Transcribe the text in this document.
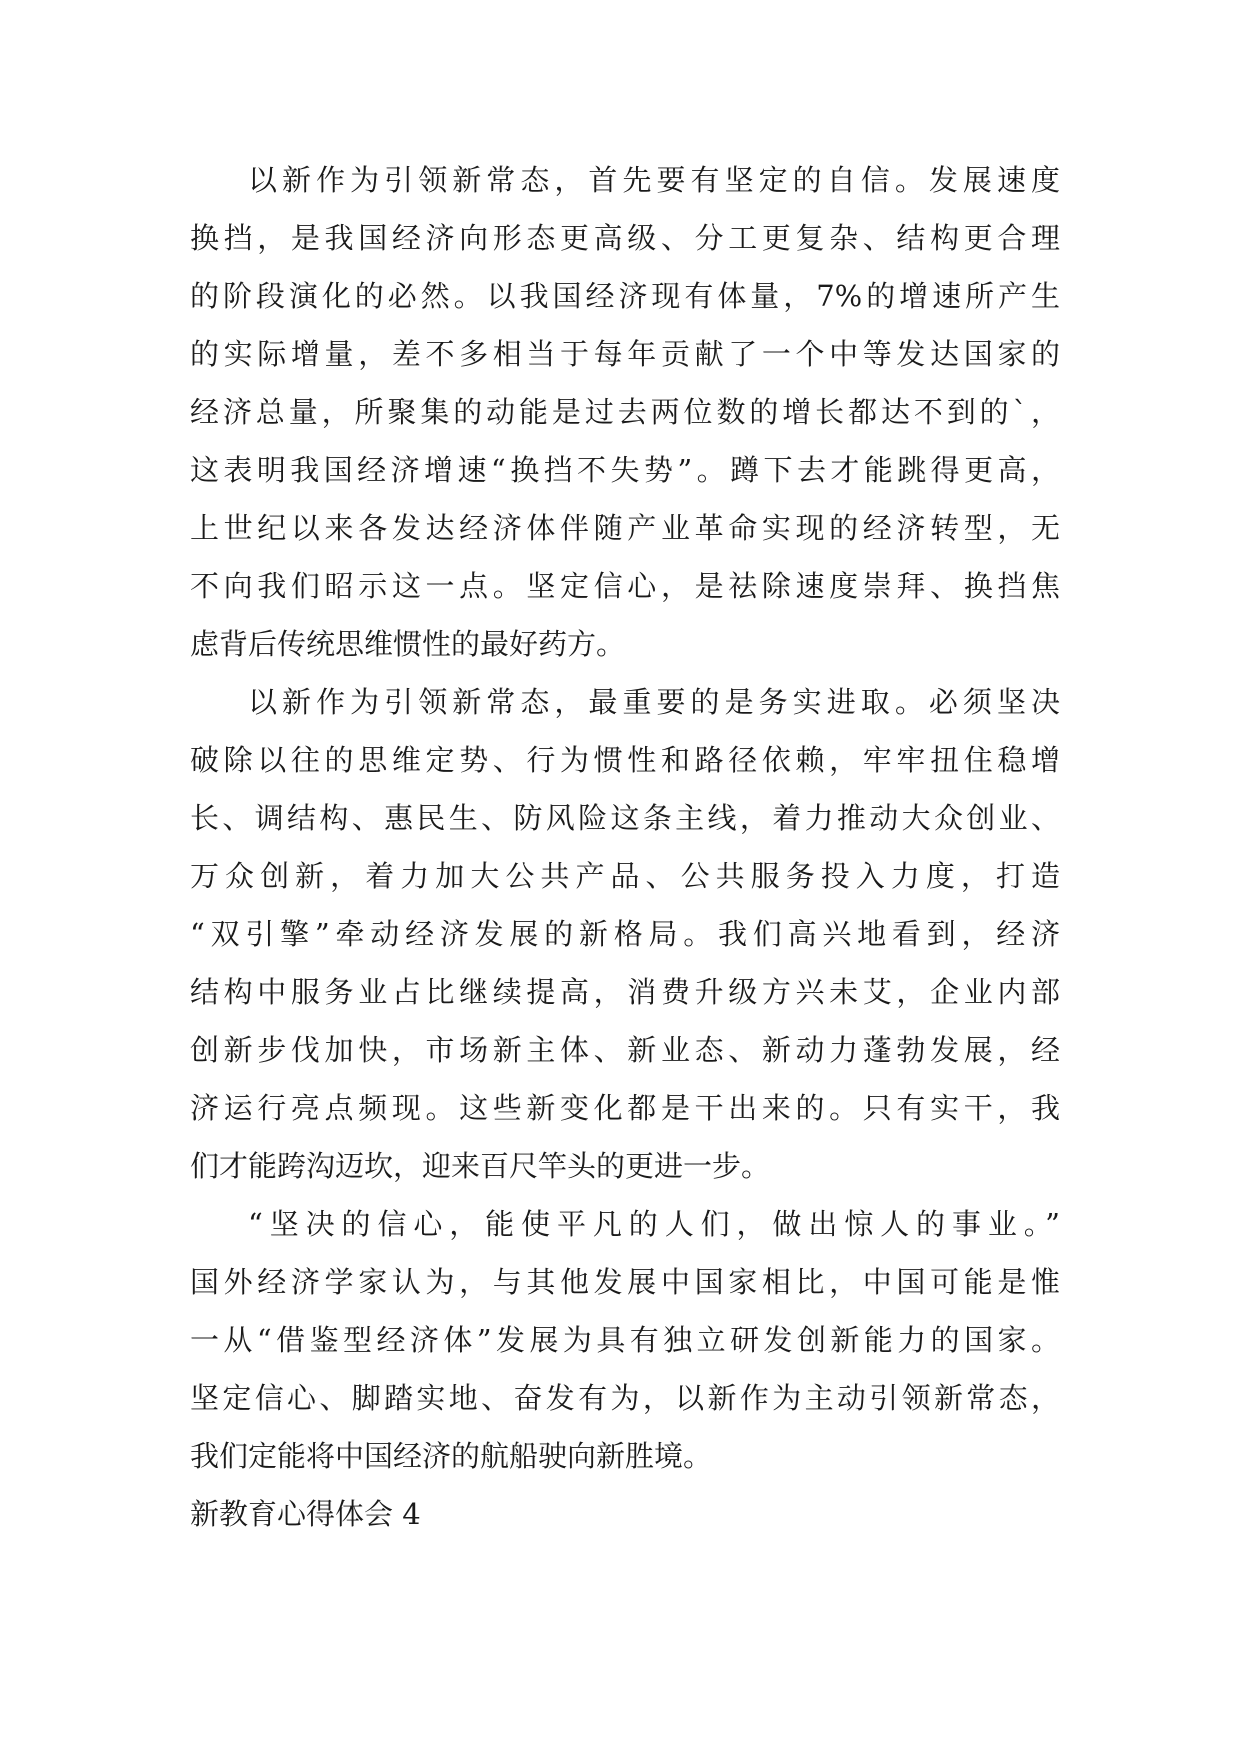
以新作为引领新常态，首先要有坚定的自信。发展速度
换挡，是我国经济向形态更高级、分工更复杂、结构更合理
的阶段演化的必然。以我国经济现有体量，7%的增速所产生
的实际增量，差不多相当于每年贡献了一个中等发达国家的
经济总量，所聚集的动能是过去两位数的增长都达不到的`，
这表明我国经济增速“换挡不失势”。蹲下去才能跳得更高，
上世纪以来各发达经济体伴随产业革命实现的经济转型，无
不向我们昭示这一点。坚定信心，是祛除速度崇拜、换挡焦
虑背后传统思维惯性的最好药方。
以新作为引领新常态，最重要的是务实进取。必须坚决
破除以往的思维定势、行为惯性和路径依赖，牢牢扭住稳增
长、调结构、惠民生、防风险这条主线，着力推动大众创业、
万众创新，着力加大公共产品、公共服务投入力度，打造
“双引擎”牵动经济发展的新格局。我们高兴地看到，经济
结构中服务业占比继续提高，消费升级方兴未艾，企业内部
创新步伐加快，市场新主体、新业态、新动力蓬勃发展，经
济运行亮点频现。这些新变化都是干出来的。只有实干，我
们才能跨沟迈坎，迎来百尺竿头的更进一步。
“坚决的信心，能使平凡的人们，做出惊人的事业。”
国外经济学家认为，与其他发展中国家相比，中国可能是惟
一从“借鉴型经济体”发展为具有独立研发创新能力的国家。
坚定信心、脚踏实地、奋发有为，以新作为主动引领新常态，
我们定能将中国经济的航船驶向新胜境。
新教育心得体会 4
